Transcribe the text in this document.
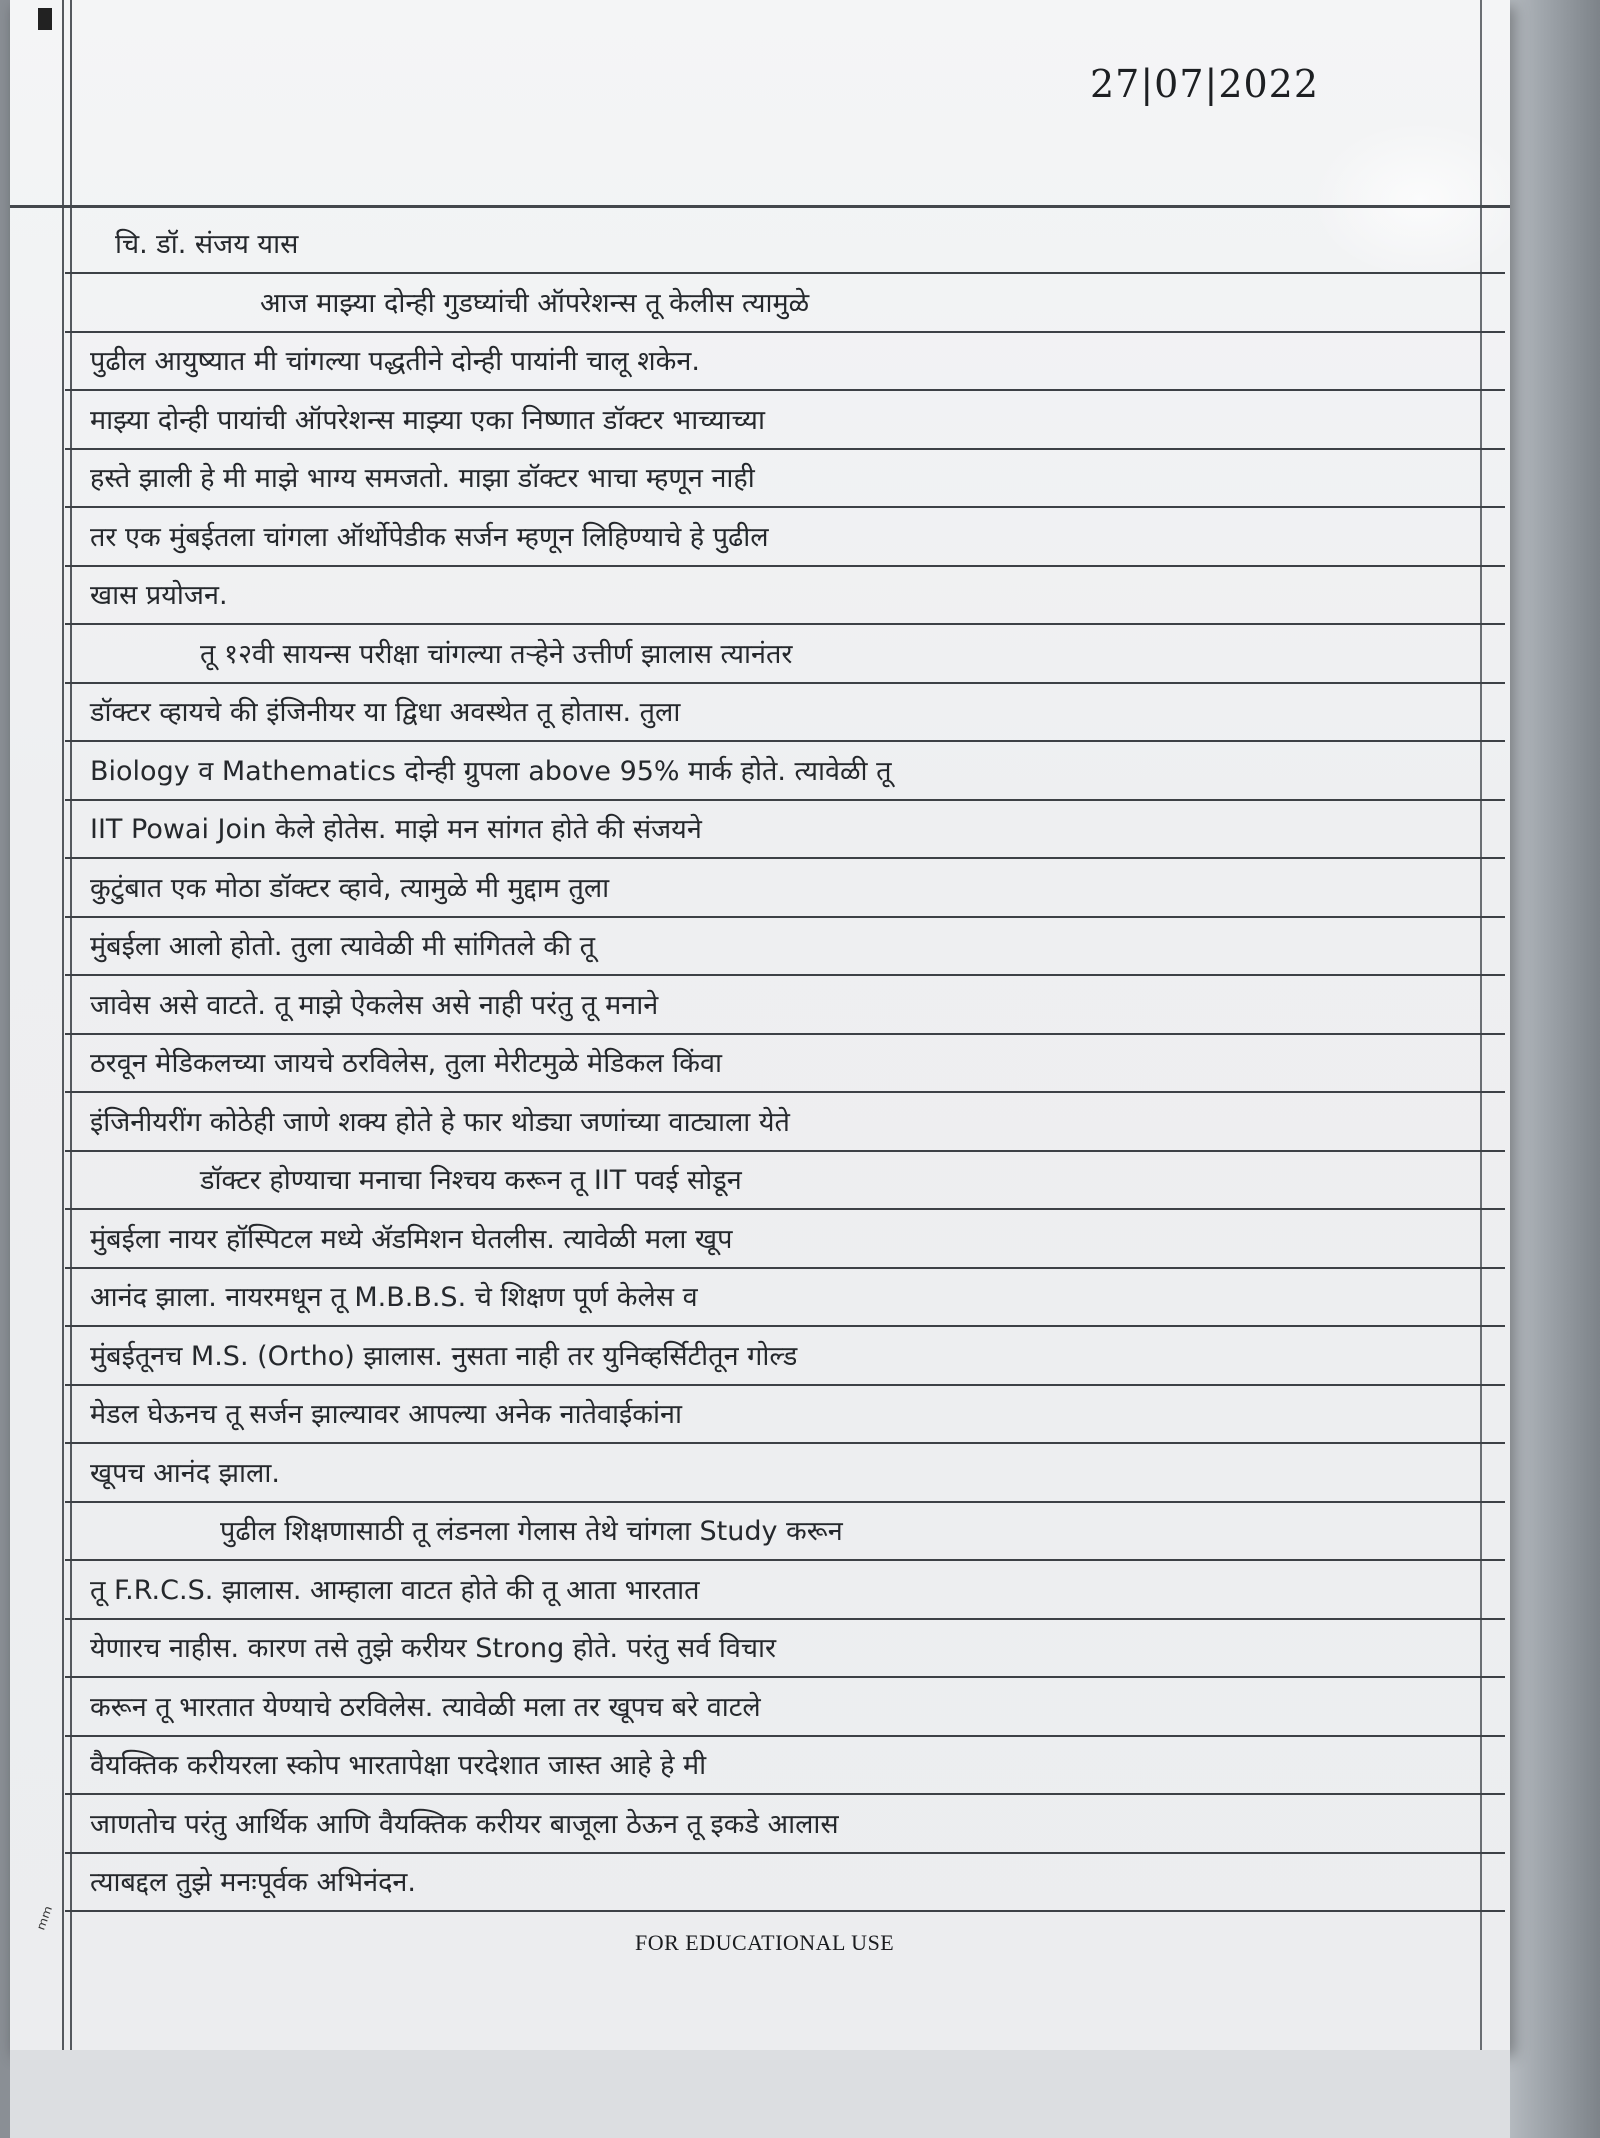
27|07|2022
चि. डॉ. संजय यास
आज माझ्या दोन्ही गुडघ्यांची ऑपरेशन्स तू केलीस त्यामुळे
पुढील आयुष्यात मी चांगल्या पद्धतीने दोन्ही पायांनी चालू शकेन.
माझ्या दोन्ही पायांची ऑपरेशन्स माझ्या एका निष्णात डॉक्टर भाच्याच्या
हस्ते झाली हे मी माझे भाग्य समजतो. माझा डॉक्टर भाचा म्हणून नाही
तर एक मुंबईतला चांगला ऑर्थोपेडीक सर्जन म्हणून लिहिण्याचे हे पुढील
खास प्रयोजन.
तू १२वी सायन्स परीक्षा चांगल्या तऱ्हेने उत्तीर्ण झालास त्यानंतर
डॉक्टर व्हायचे की इंजिनीयर या द्विधा अवस्थेत तू होतास. तुला
Biology व Mathematics दोन्ही ग्रुपला above 95% मार्क होते. त्यावेळी तू
IIT Powai Join केले होतेस. माझे मन सांगत होते की संजयने
कुटुंबात एक मोठा डॉक्टर व्हावे, त्यामुळे मी मुद्दाम तुला
मुंबईला आलो होतो. तुला त्यावेळी मी सांगितले की तू
जावेस असे वाटते. तू माझे ऐकलेस असे नाही परंतु तू मनाने
ठरवून मेडिकलच्या जायचे ठरविलेस, तुला मेरीटमुळे मेडिकल किंवा
इंजिनीयरींग कोठेही जाणे शक्य होते हे फार थोड्या जणांच्या वाट्याला येते
डॉक्टर होण्याचा मनाचा निश्चय करून तू IIT पवई सोडून
मुंबईला नायर हॉस्पिटल मध्ये ॲडमिशन घेतलीस. त्यावेळी मला खूप
आनंद झाला. नायरमधून तू M.B.B.S. चे शिक्षण पूर्ण केलेस व
मुंबईतूनच M.S. (Ortho) झालास. नुसता नाही तर युनिव्हर्सिटीतून गोल्ड
मेडल घेऊनच तू सर्जन झाल्यावर आपल्या अनेक नातेवाईकांना
खूपच आनंद झाला.
पुढील शिक्षणासाठी तू लंडनला गेलास तेथे चांगला Study करून
तू F.R.C.S. झालास. आम्हाला वाटत होते की तू आता भारतात
येणारच नाहीस. कारण तसे तुझे करीयर Strong होते. परंतु सर्व विचार
करून तू भारतात येण्याचे ठरविलेस. त्यावेळी मला तर खूपच बरे वाटले
वैयक्तिक करीयरला स्कोप भारतापेक्षा परदेशात जास्त आहे हे मी
जाणतोच परंतु आर्थिक आणि वैयक्तिक करीयर बाजूला ठेऊन तू इकडे आलास
त्याबद्दल तुझे मनःपूर्वक अभिनंदन.
ᵐᵐ
FOR EDUCATIONAL USE
